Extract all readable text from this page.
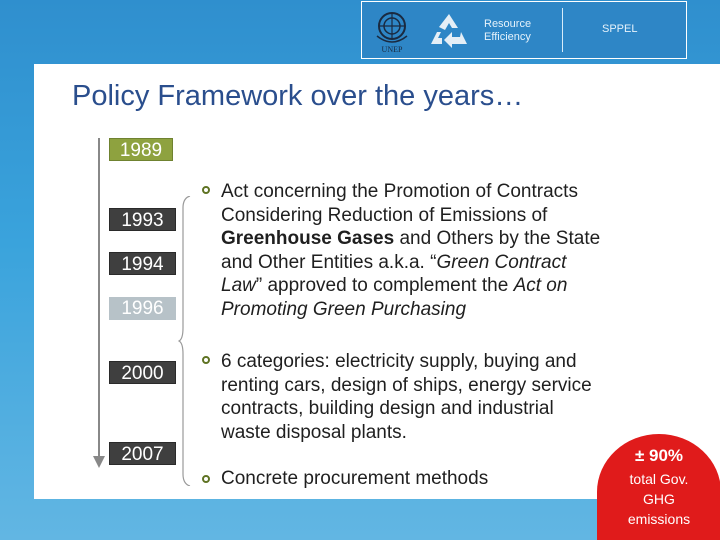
UNEP
Resource Efficiency
SPPEL
Policy Framework over the years…
1989
1993
1994
1996
2000
2007
Act concerning the Promotion of Contracts
Considering Reduction of Emissions of
Greenhouse Gases and Others by the State
and Other Entities a.k.a. “Green Contract
Law” approved to complement the Act on
Promoting Green Purchasing
6 categories: electricity supply, buying and
renting cars, design of ships, energy service
contracts, building design and industrial
waste disposal plants.
Concrete procurement methods
± 90%
total Gov.
GHG
emissions
